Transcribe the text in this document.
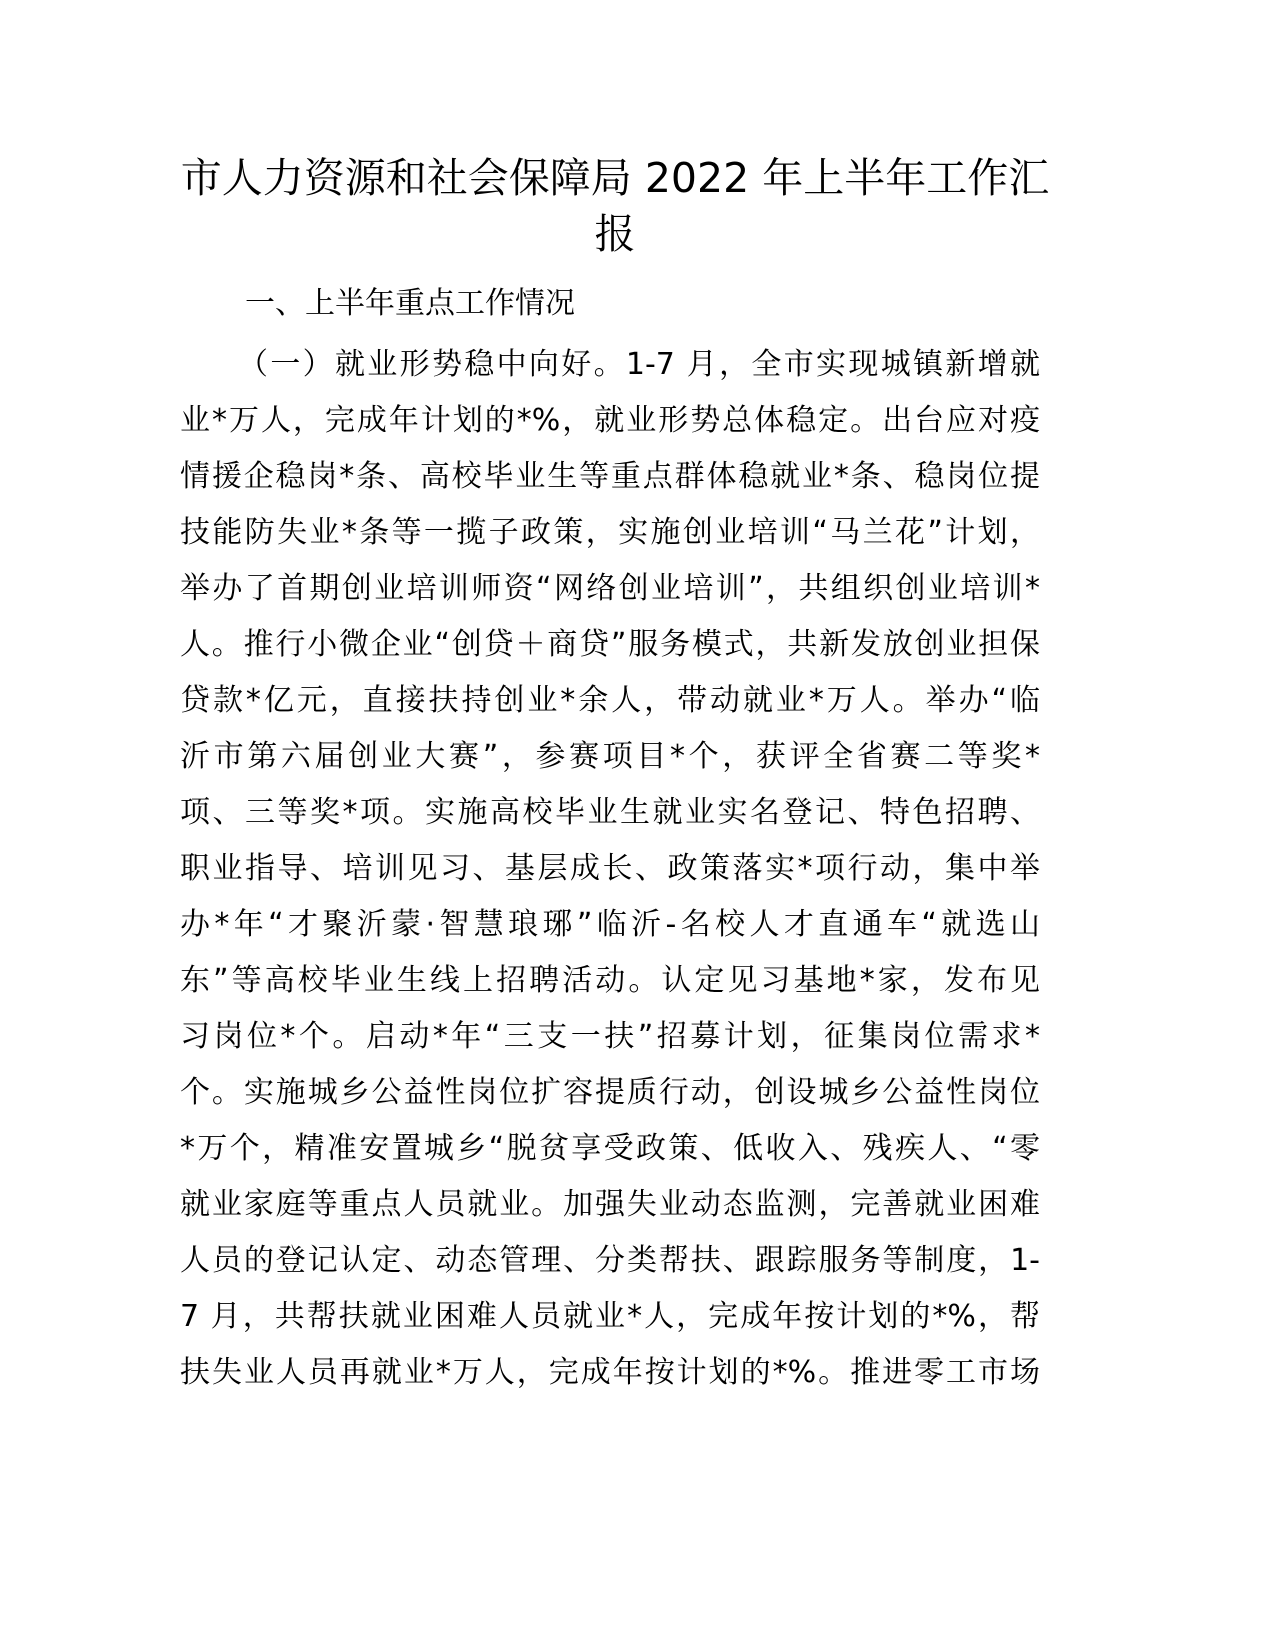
市人力资源和社会保障局 2022 年上半年工作汇
报
一、上半年重点工作情况
（一）就业形势稳中向好。1-7 月，全市实现城镇新增就
业*万人，完成年计划的*%，就业形势总体稳定。出台应对疫
情援企稳岗*条、高校毕业生等重点群体稳就业*条、稳岗位提
技能防失业*条等一揽子政策，实施创业培训“马兰花”计划，
举办了首期创业培训师资“网络创业培训”，共组织创业培训*
人。推行小微企业“创贷＋商贷”服务模式，共新发放创业担保
贷款*亿元，直接扶持创业*余人，带动就业*万人。举办“临
沂市第六届创业大赛”，参赛项目*个，获评全省赛二等奖*
项、三等奖*项。实施高校毕业生就业实名登记、特色招聘、
职业指导、培训见习、基层成长、政策落实*项行动，集中举
办*年“才聚沂蒙·智慧琅琊”临沂-名校人才直通车“就选山
东”等高校毕业生线上招聘活动。认定见习基地*家，发布见
习岗位*个。启动*年“三支一扶”招募计划，征集岗位需求*
个。实施城乡公益性岗位扩容提质行动，创设城乡公益性岗位
*万个，精准安置城乡“脱贫享受政策、低收入、残疾人、“零
就业家庭等重点人员就业。加强失业动态监测，完善就业困难
人员的登记认定、动态管理、分类帮扶、跟踪服务等制度，1-
7 月，共帮扶就业困难人员就业*人，完成年按计划的*%，帮
扶失业人员再就业*万人，完成年按计划的*%。推进零工市场
